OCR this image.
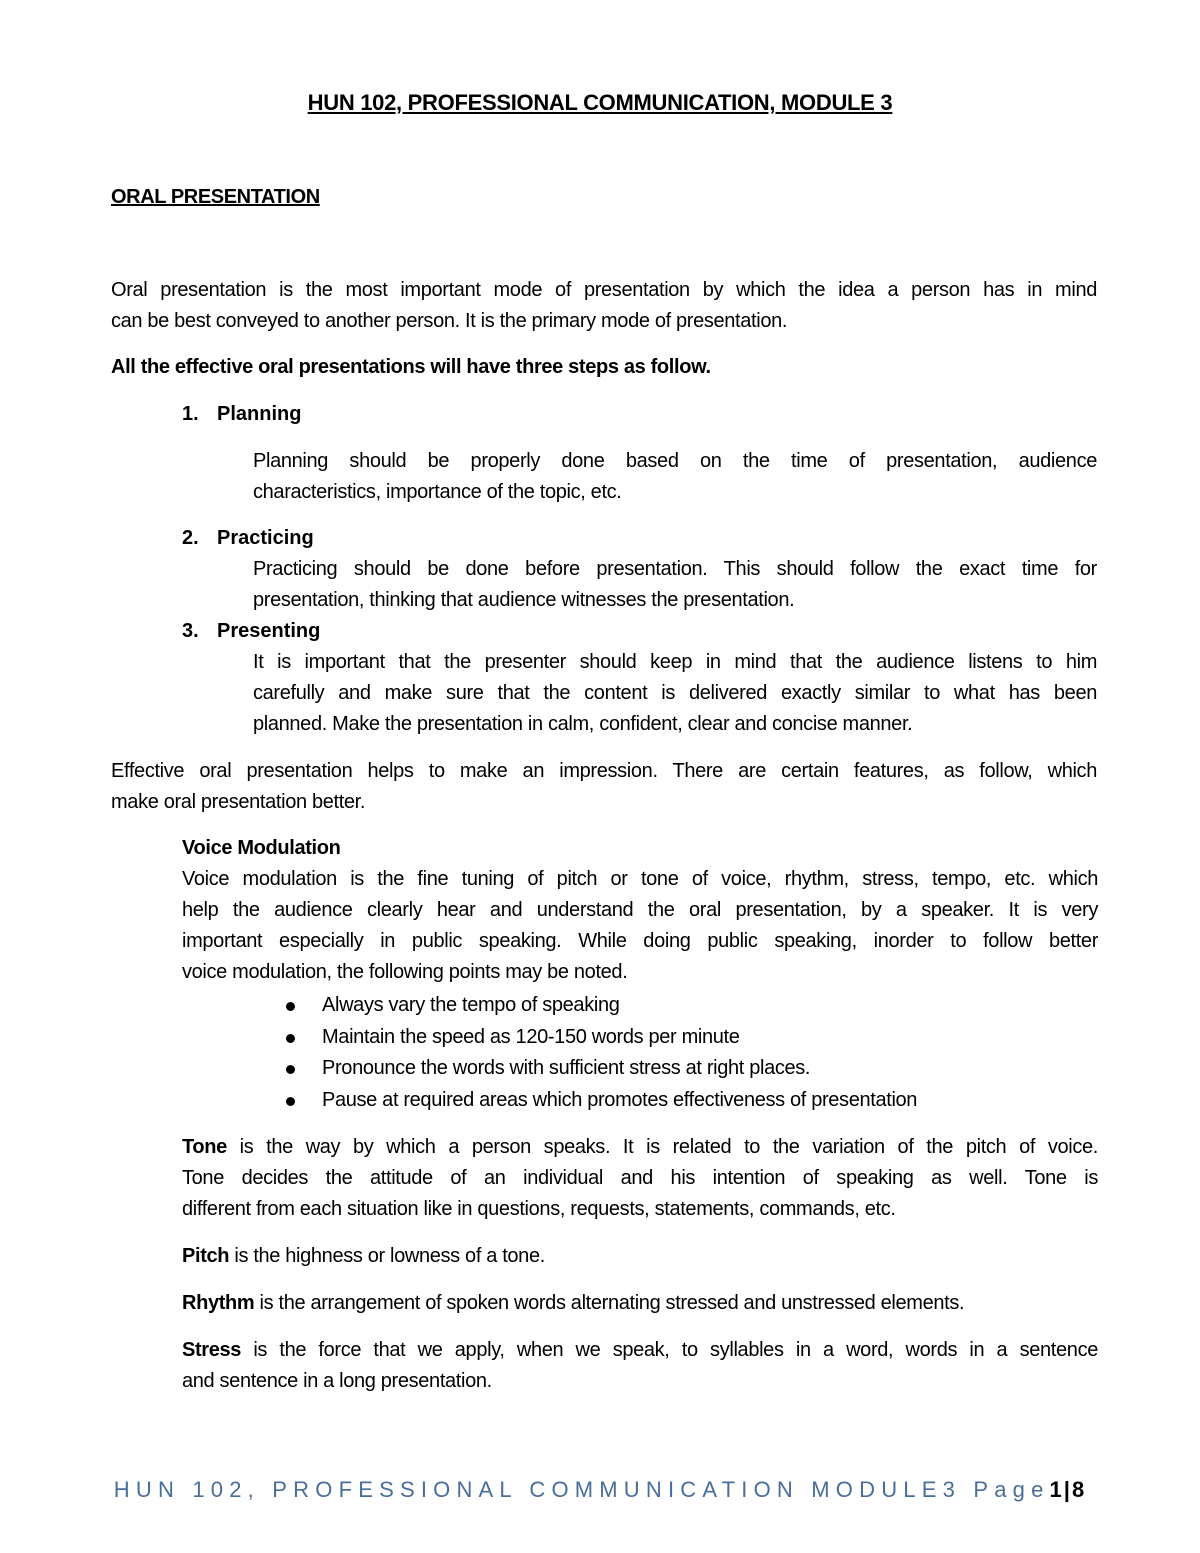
HUN 102, PROFESSIONAL COMMUNICATION, MODULE 3
ORAL PRESENTATION
Oral presentation is the most important mode of presentation by which the idea a person has in mind
can be best conveyed to another person. It is the primary mode of presentation.
All the effective oral presentations will have three steps as follow.
1. Planning
Planning should be properly done based on the time of presentation, audience
characteristics, importance of the topic, etc.
2. Practicing
Practicing should be done before presentation. This should follow the exact time for
presentation, thinking that audience witnesses the presentation.
3. Presenting
It is important that the presenter should keep in mind that the audience listens to him
carefully and make sure that the content is delivered exactly similar to what has been
planned. Make the presentation in calm, confident, clear and concise manner.
Effective oral presentation helps to make an impression. There are certain features, as follow, which
make oral presentation better.
Voice Modulation
Voice modulation is the fine tuning of pitch or tone of voice, rhythm, stress, tempo, etc. which
help the audience clearly hear and understand the oral presentation, by a speaker. It is very
important especially in public speaking. While doing public speaking, inorder to follow better
voice modulation, the following points may be noted.
Always vary the tempo of speaking
Maintain the speed as 120-150 words per minute
Pronounce the words with sufficient stress at right places.
Pause at required areas which promotes effectiveness of presentation
Tone is the way by which a person speaks. It is related to the variation of the pitch of voice.
Tone decides the attitude of an individual and his intention of speaking as well. Tone is
different from each situation like in questions, requests, statements, commands, etc.
Pitch is the highness or lowness of a tone.
Rhythm is the arrangement of spoken words alternating stressed and unstressed elements.
Stress is the force that we apply, when we speak, to syllables in a word, words in a sentence
and sentence in a long presentation.
HUN 102, PROFESSIONAL COMMUNICATION MODULE3 Page1|8
